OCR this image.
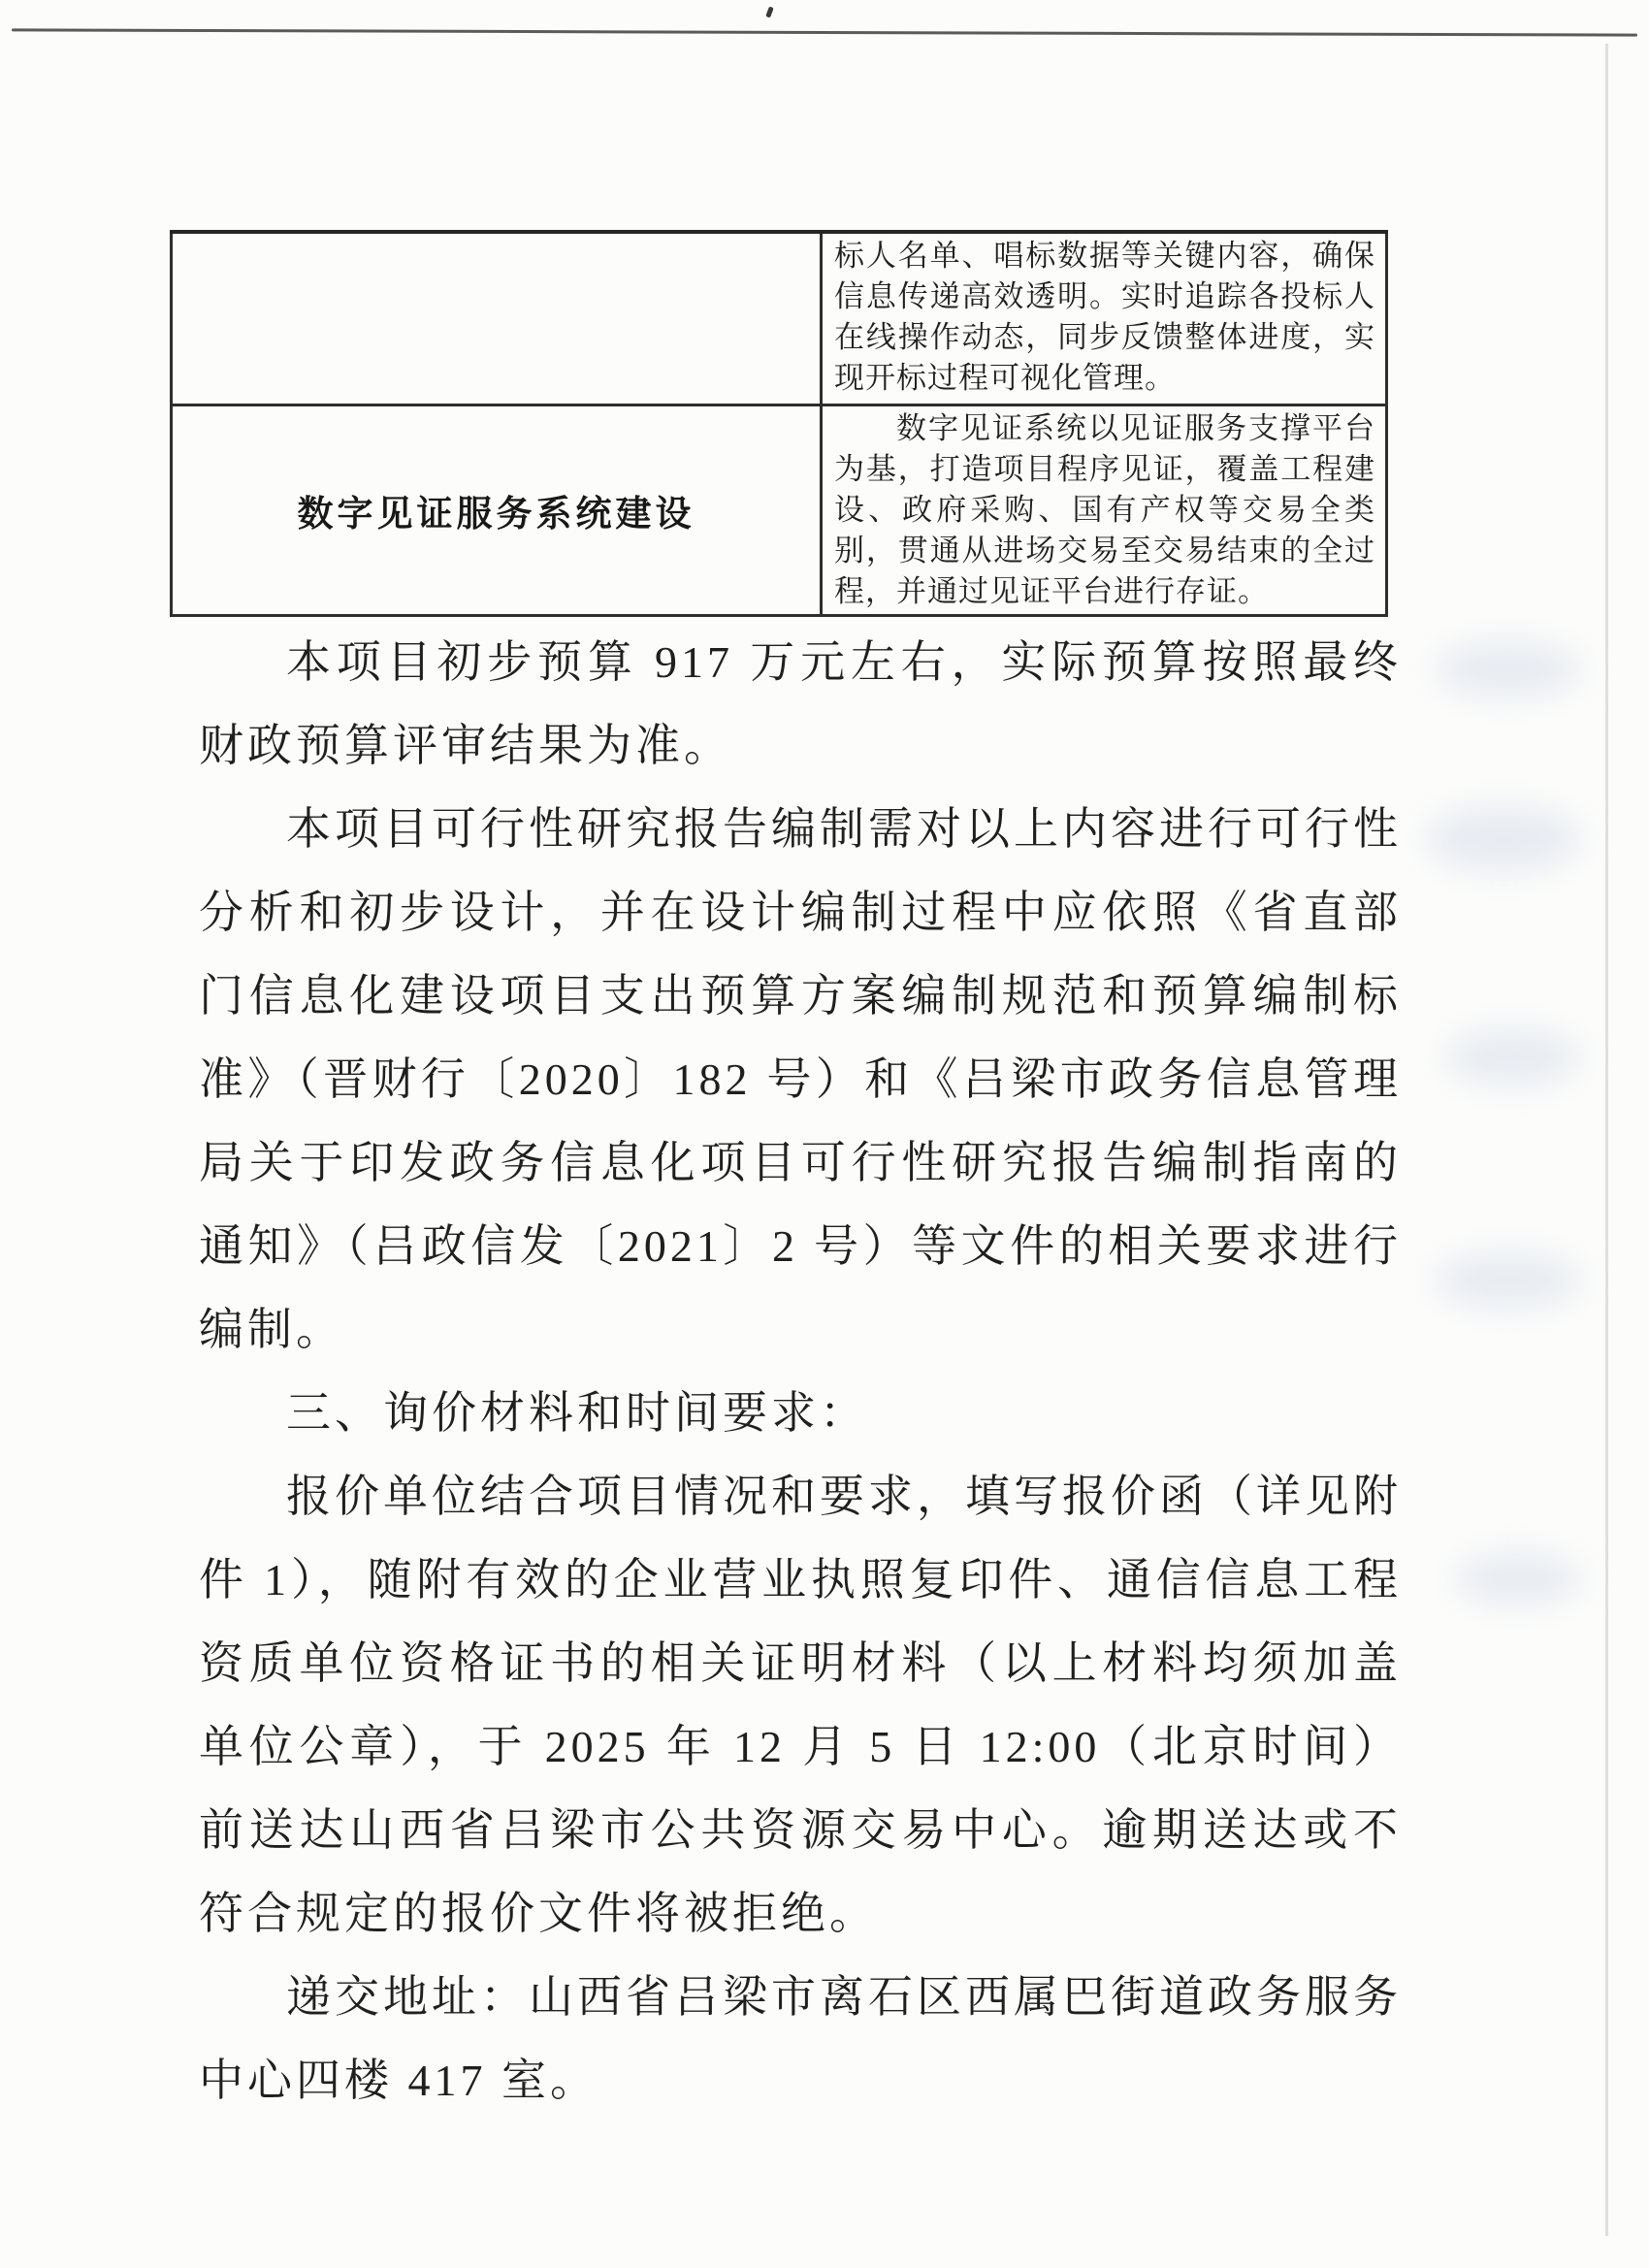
	标人名单、唱标数据等关键内容，确保信息传递高效透明。实时追踪各投标人在线操作动态，同步反馈整体进度，实现开标过程可视化管理。
数字见证服务系统建设	数字见证系统以见证服务支撑平台为基，打造项目程序见证，覆盖工程建设、政府采购、国有产权等交易全类别，贯通从进场交易至交易结束的全过程，并通过见证平台进行存证。

本项目初步预算 917 万元左右，实际预算按照最终财政预算评审结果为准。

本项目可行性研究报告编制需对以上内容进行可行性分析和初步设计，并在设计编制过程中应依照《省直部门信息化建设项目支出预算方案编制规范和预算编制标准》（晋财行〔2020〕182 号）和《吕梁市政务信息管理局关于印发政务信息化项目可行性研究报告编制指南的通知》（吕政信发〔2021〕2 号）等文件的相关要求进行编制。

三、询价材料和时间要求：

报价单位结合项目情况和要求，填写报价函（详见附件 1），随附有效的企业营业执照复印件、通信信息工程资质单位资格证书的相关证明材料（以上材料均须加盖单位公章），于 2025 年 12 月 5 日 12:00（北京时间）前送达山西省吕梁市公共资源交易中心。逾期送达或不符合规定的报价文件将被拒绝。

递交地址：山西省吕梁市离石区西属巴街道政务服务中心四楼 417 室。
